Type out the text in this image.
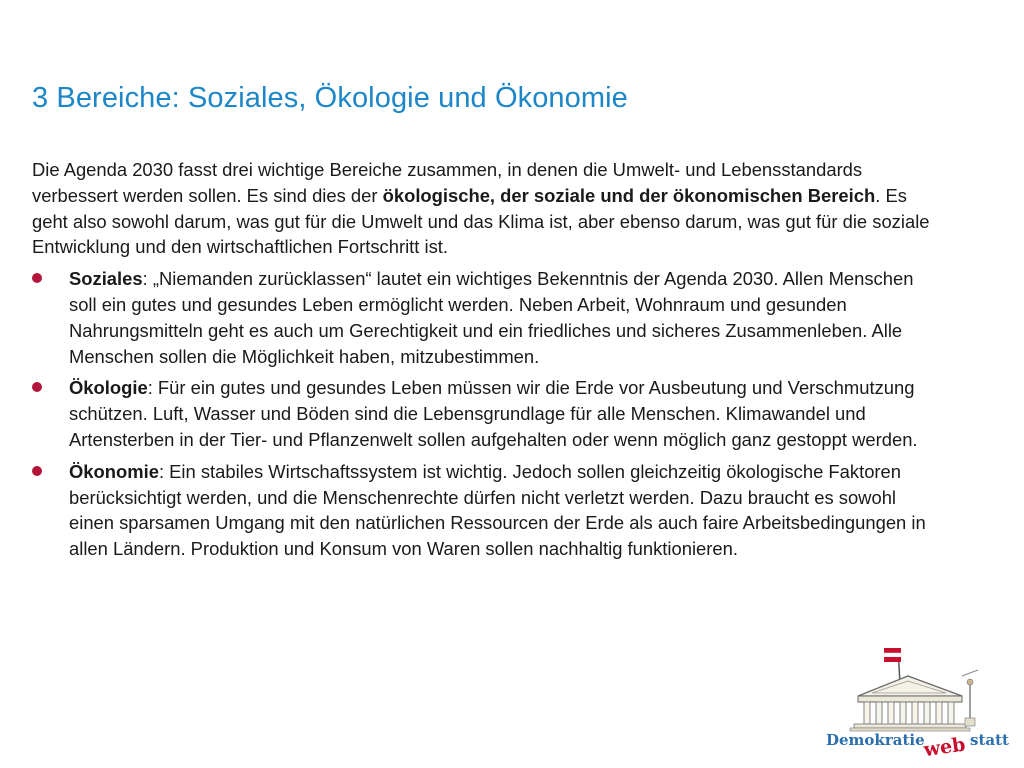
3 Bereiche: Soziales, Ökologie und Ökonomie

Die Agenda 2030 fasst drei wichtige Bereiche zusammen, in denen die Umwelt- und Lebensstandards verbessert werden sollen. Es sind dies der ökologische, der soziale und der ökonomischen Bereich. Es geht also sowohl darum, was gut für die Umwelt und das Klima ist, aber ebenso darum, was gut für die soziale Entwicklung und den wirtschaftlichen Fortschritt ist.

Soziales: „Niemanden zurücklassen“ lautet ein wichtiges Bekenntnis der Agenda 2030. Allen Menschen soll ein gutes und gesundes Leben ermöglicht werden. Neben Arbeit, Wohnraum und gesunden Nahrungsmitteln geht es auch um Gerechtigkeit und ein friedliches und sicheres Zusammenleben. Alle Menschen sollen die Möglichkeit haben, mitzubestimmen.
Ökologie: Für ein gutes und gesundes Leben müssen wir die Erde vor Ausbeutung und Verschmutzung schützen. Luft, Wasser und Böden sind die Lebensgrundlage für alle Menschen. Klimawandel und Artensterben in der Tier- und Pflanzenwelt sollen aufgehalten oder wenn möglich ganz gestoppt werden.
Ökonomie: Ein stabiles Wirtschaftssystem ist wichtig. Jedoch sollen gleichzeitig ökologische Faktoren berücksichtigt werden, und die Menschenrechte dürfen nicht verletzt werden. Dazu braucht es sowohl einen sparsamen Umgang mit den natürlichen Ressourcen der Erde als auch faire Arbeitsbedingungen in allen Ländern. Produktion und Konsum von Waren sollen nachhaltig funktionieren.
Demokratie
web statt
